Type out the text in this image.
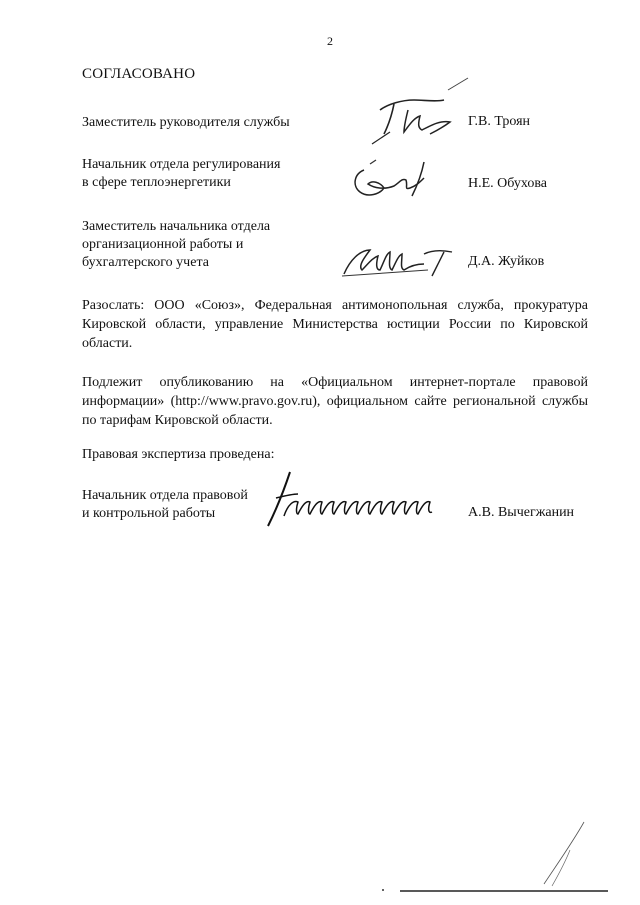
2
СОГЛАСОВАНО
Заместитель руководителя службы	Г.В. Троян
Начальник отдела регулирования
в сфере теплоэнергетики	Н.Е. Обухова
Заместитель начальника отдела
организационной работы и
бухгалтерского учета	Д.А. Жуйков
Разослать: ООО «Союз», Федеральная антимонопольная служба, прокуратура Кировской области, управление Министерства юстиции России по Кировской области.
Подлежит опубликованию на «Официальном интернет-портале правовой информации» (http://www.pravo.gov.ru), официальном сайте региональной службы по тарифам Кировской области.
Правовая экспертиза проведена:
Начальник отдела правовой
и контрольной работы	А.В. Вычегжанин
